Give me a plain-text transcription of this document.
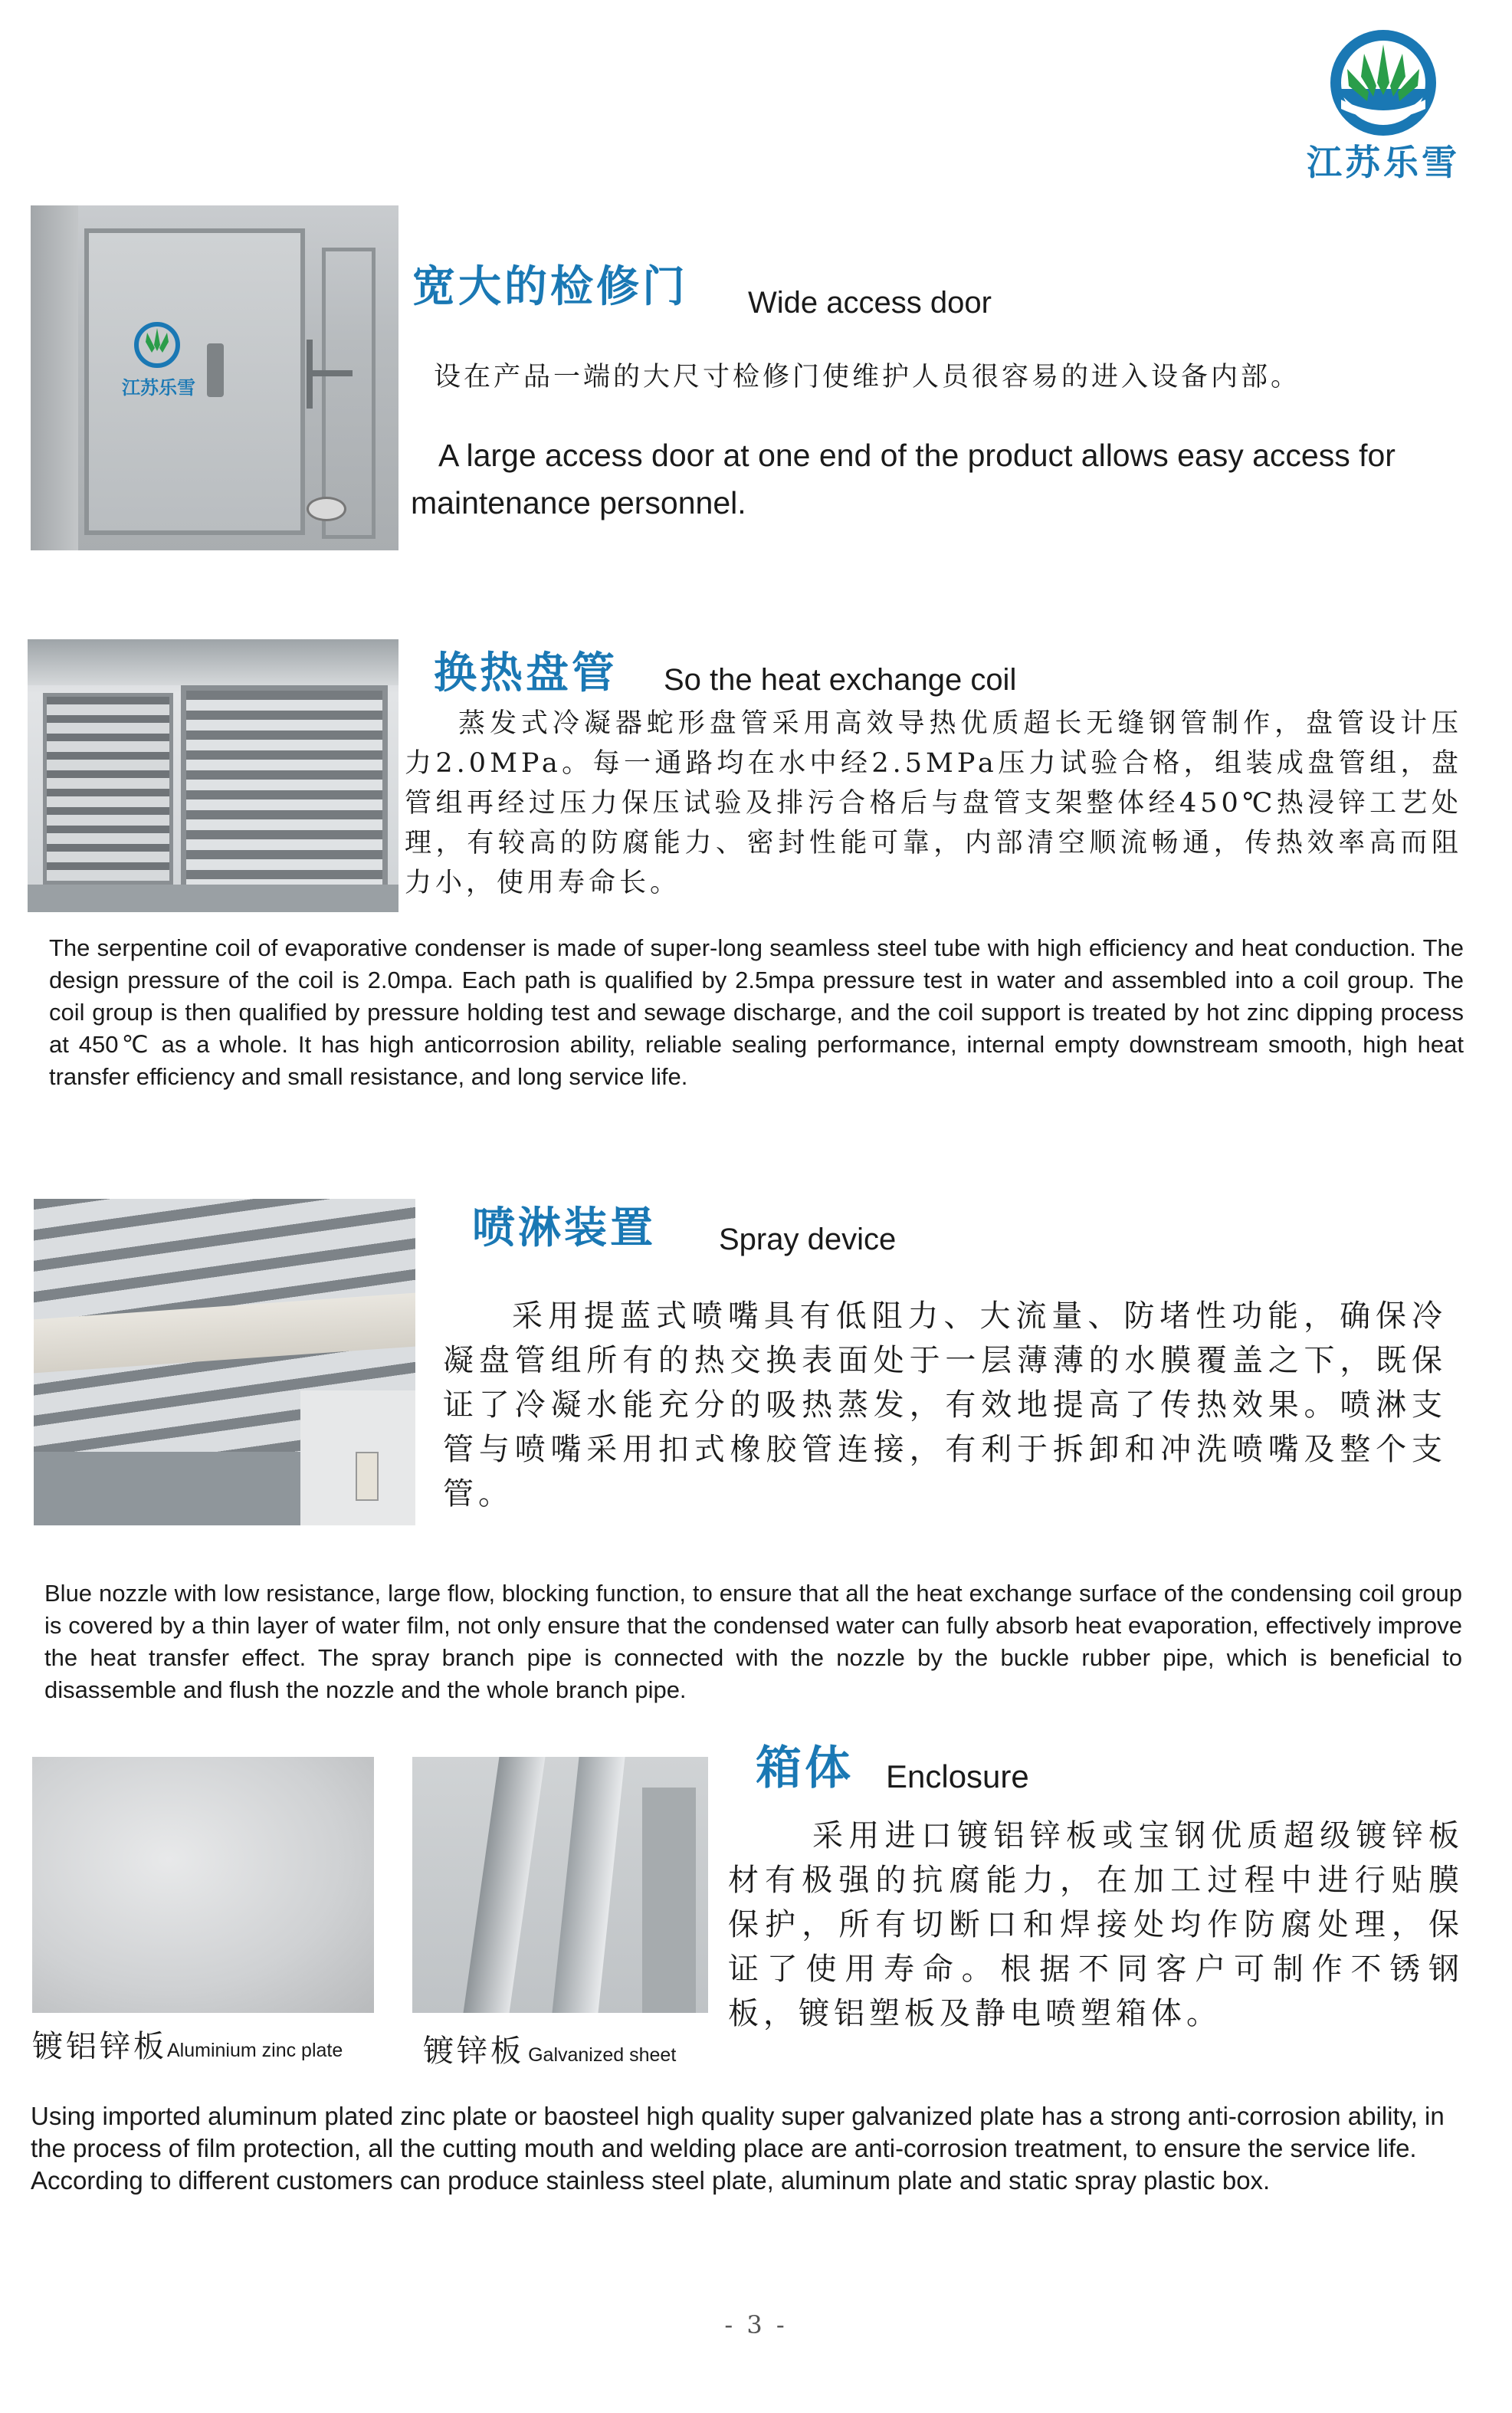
江苏乐雪
江苏乐雪
宽大的检修门 Wide access door
设在产品一端的大尺寸检修门使维护人员很容易的进入设备内部。
A large access door at one end of the product allows easy access for maintenance personnel.
换热盘管 So the heat exchange coil
蒸发式冷凝器蛇形盘管采用高效导热优质超长无缝钢管制作，盘管设计压力2.0MPa。每一通路均在水中经2.5MPa压力试验合格，组装成盘管组，盘管组再经过压力保压试验及排污合格后与盘管支架整体经450℃热浸锌工艺处理，有较高的防腐能力、密封性能可靠，内部清空顺流畅通，传热效率高而阻力小，使用寿命长。
The serpentine coil of evaporative condenser is made of super-long seamless steel tube with high efficiency and heat conduction. The design pressure of the coil is 2.0mpa. Each path is qualified by 2.5mpa pressure test in water and assembled into a coil group. The coil group is then qualified by pressure holding test and sewage discharge, and the coil support is treated by hot zinc dipping process at 450℃ as a whole. It has high anticorrosion ability, reliable sealing performance, internal empty downstream smooth, high heat transfer efficiency and small resistance, and long service life.
喷淋装置 Spray device
采用提蓝式喷嘴具有低阻力、大流量、防堵性功能，确保冷凝盘管组所有的热交换表面处于一层薄薄的水膜覆盖之下，既保证了冷凝水能充分的吸热蒸发，有效地提高了传热效果。喷淋支管与喷嘴采用扣式橡胶管连接，有利于拆卸和冲洗喷嘴及整个支管。
Blue nozzle with low resistance, large flow, blocking function, to ensure that all the heat exchange surface of the condensing coil group is covered by a thin layer of water film, not only ensure that the condensed water can fully absorb heat evaporation, effectively improve the heat transfer effect. The spray branch pipe is connected with the nozzle by the buckle rubber pipe, which is beneficial to disassemble and flush the nozzle and the whole branch pipe.
镀铝锌板Aluminium zinc plate	镀锌板 Galvanized sheet
箱体 Enclosure
采用进口镀铝锌板或宝钢优质超级镀锌板材有极强的抗腐能力，在加工过程中进行贴膜保护，所有切断口和焊接处均作防腐处理，保证了使用寿命。根据不同客户可制作不锈钢板，镀铝塑板及静电喷塑箱体。
Using imported aluminum plated zinc plate or baosteel high quality super galvanized plate has a strong anti-corrosion ability, in the process of film protection, all the cutting mouth and welding place are anti-corrosion treatment, to ensure the service life. According to different customers can produce stainless steel plate, aluminum plate and static spray plastic box.
- 3 -
